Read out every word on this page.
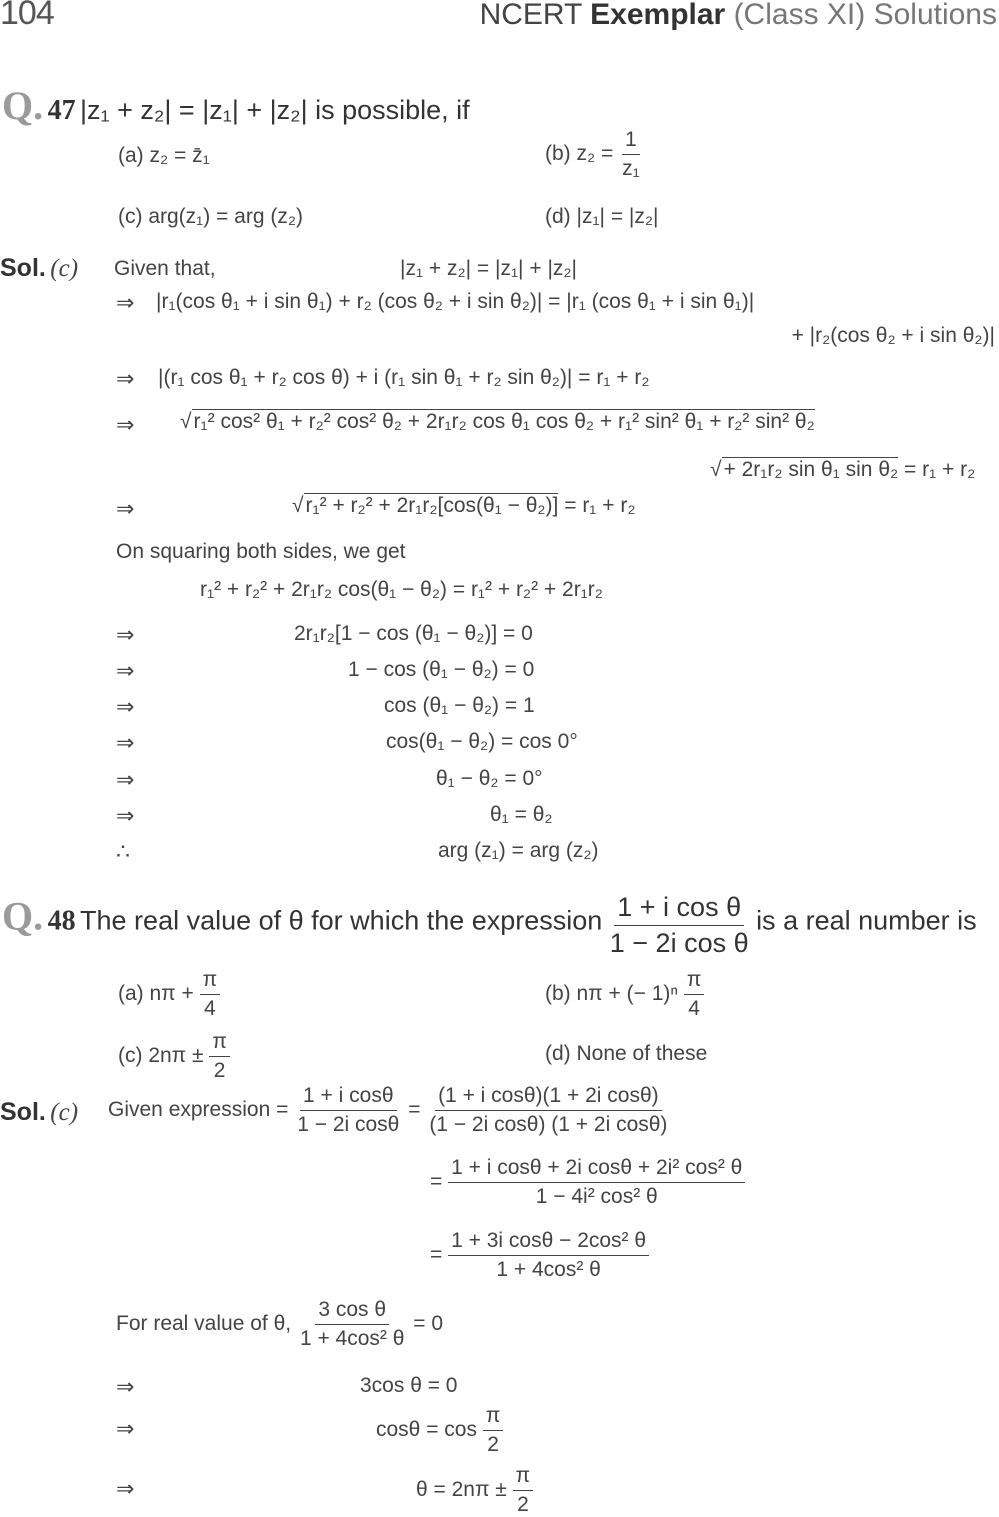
104	NCERT Exemplar (Class XI) Solutions
Q. 47 |z₁ + z₂| = |z₁| + |z₂| is possible, if
(a) z₂ = z̄₁	(b) $z_2 = \frac{1}{\text{z₁}}$
(c) arg(z₁) = arg (z₂)	(d) |z₁| = |z₂|
Sol. (c) Given that,	|z₁ + z₂| = |z₁| + |z₂|
⇒ |r₁(cos θ₁ + i sin θ₁) + r₂ (cos θ₂ + i sin θ₂)| = |r₁ (cos θ₁ + i sin θ₁)|
+ |r₂(cos θ₂ + i sin θ₂)|
⇒ |(r₁ cos θ₁ + r₂ cos θ) + i (r₁ sin θ₁ + r₂ sin θ₂)| = r₁ + r₂
⇒ √r₁² cos² θ₁ + r₂² cos² θ₂ + 2r₁r₂ cos θ₁ cos θ₂ + r₁² sin² θ₁ + r₂² sin² θ₂
√+ 2r₁r₂ sin θ₁ sin θ₂ = r₁ + r₂
⇒	√r₁² + r₂² + 2r₁r₂[cos(θ₁ − θ₂)] = r₁ + r₂
On squaring both sides, we get
r₁² + r₂² + 2r₁r₂ cos(θ₁ − θ₂) = r₁² + r₂² + 2r₁r₂
⇒	2r₁r₂[1 − cos (θ₁ − θ₂)] = 0
⇒	1 − cos (θ₁ − θ₂) = 0
⇒	cos (θ₁ − θ₂) = 1
⇒	cos(θ₁ − θ₂) = cos 0°
⇒	θ₁ − θ₂ = 0°
⇒	θ₁ = θ₂
∴	arg (z₁) = arg (z₂)
Q. 48 The real value of θ for which the expression $\frac{\text{1 + i cos θ}}{\text{1 − 2i cos θ}}$ is a real number is
(a) $n\pi + \frac{\pi}{4}$	(b) nπ + (− $1)^n \frac{\pi}{4}$
(c) $2n\pi \pm \frac{\pi}{2}$	(d) None of these
Sol. (c) Given expression = $\frac{\text{1 + i cosθ}}{\text{1 − 2i cosθ}} = \frac{\text{(1 + i cosθ)(1 + 2i cosθ)}}{\text{(1 − 2i cosθ) (1 + 2i cosθ)}}$
= $\frac{\text{1 + i cosθ + 2i cosθ + 2i² cos² θ}}{\text{1 − 4i² cos² θ}}$
= $\frac{\text{1 + 3i cosθ − 2cos² θ}}{\text{1 + 4cos² θ}}$
For real value of θ, $\frac{\text{3 cos θ}}{\text{1 + 4cos² θ}} = 0$
⇒	3cos θ = 0
⇒	$\cos\theta = \cos \frac{\pi}{2}$
⇒	$\theta = 2n\pi \pm \frac{\pi}{2}$
